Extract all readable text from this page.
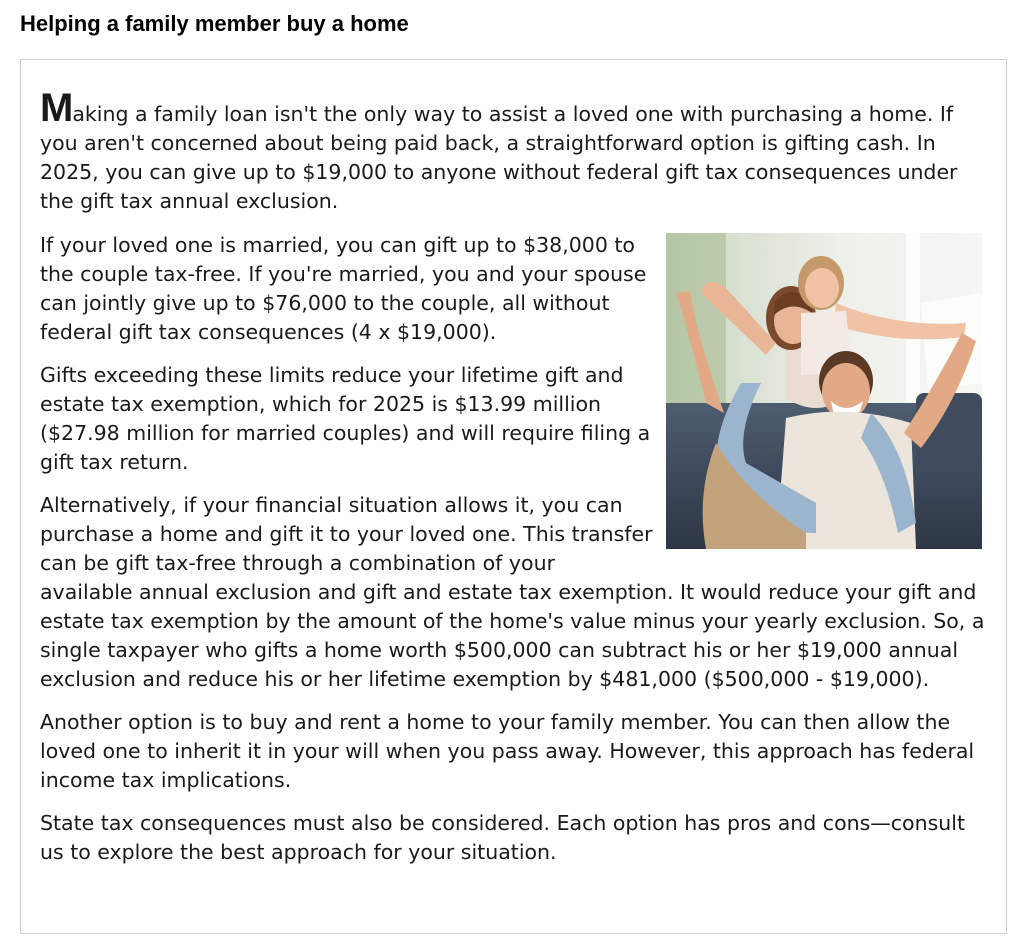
Helping a family member buy a home

Making a family loan isn't the only way to assist a loved one with purchasing a home. If you aren't concerned about being paid back, a straightforward option is gifting cash. In 2025, you can give up to $19,000 to anyone without federal gift tax consequences under the gift tax annual exclusion.

If your loved one is married, you can gift up to $38,000 to the couple tax-free. If you're married, you and your spouse can jointly give up to $76,000 to the couple, all without federal gift tax consequences (4 x $19,000).

Gifts exceeding these limits reduce your lifetime gift and estate tax exemption, which for 2025 is $13.99 million ($27.98 million for married couples) and will require filing a gift tax return.

Alternatively, if your financial situation allows it, you can purchase a home and gift it to your loved one. This transfer can be gift tax-free through a combination of your available annual exclusion and gift and estate tax exemption. It would reduce your gift and estate tax exemption by the amount of the home's value minus your yearly exclusion. So, a single taxpayer who gifts a home worth $500,000 can subtract his or her $19,000 annual exclusion and reduce his or her lifetime exemption by $481,000 ($500,000 - $19,000).

Another option is to buy and rent a home to your family member. You can then allow the loved one to inherit it in your will when you pass away. However, this approach has federal income tax implications.

State tax consequences must also be considered. Each option has pros and cons—consult us to explore the best approach for your situation.
